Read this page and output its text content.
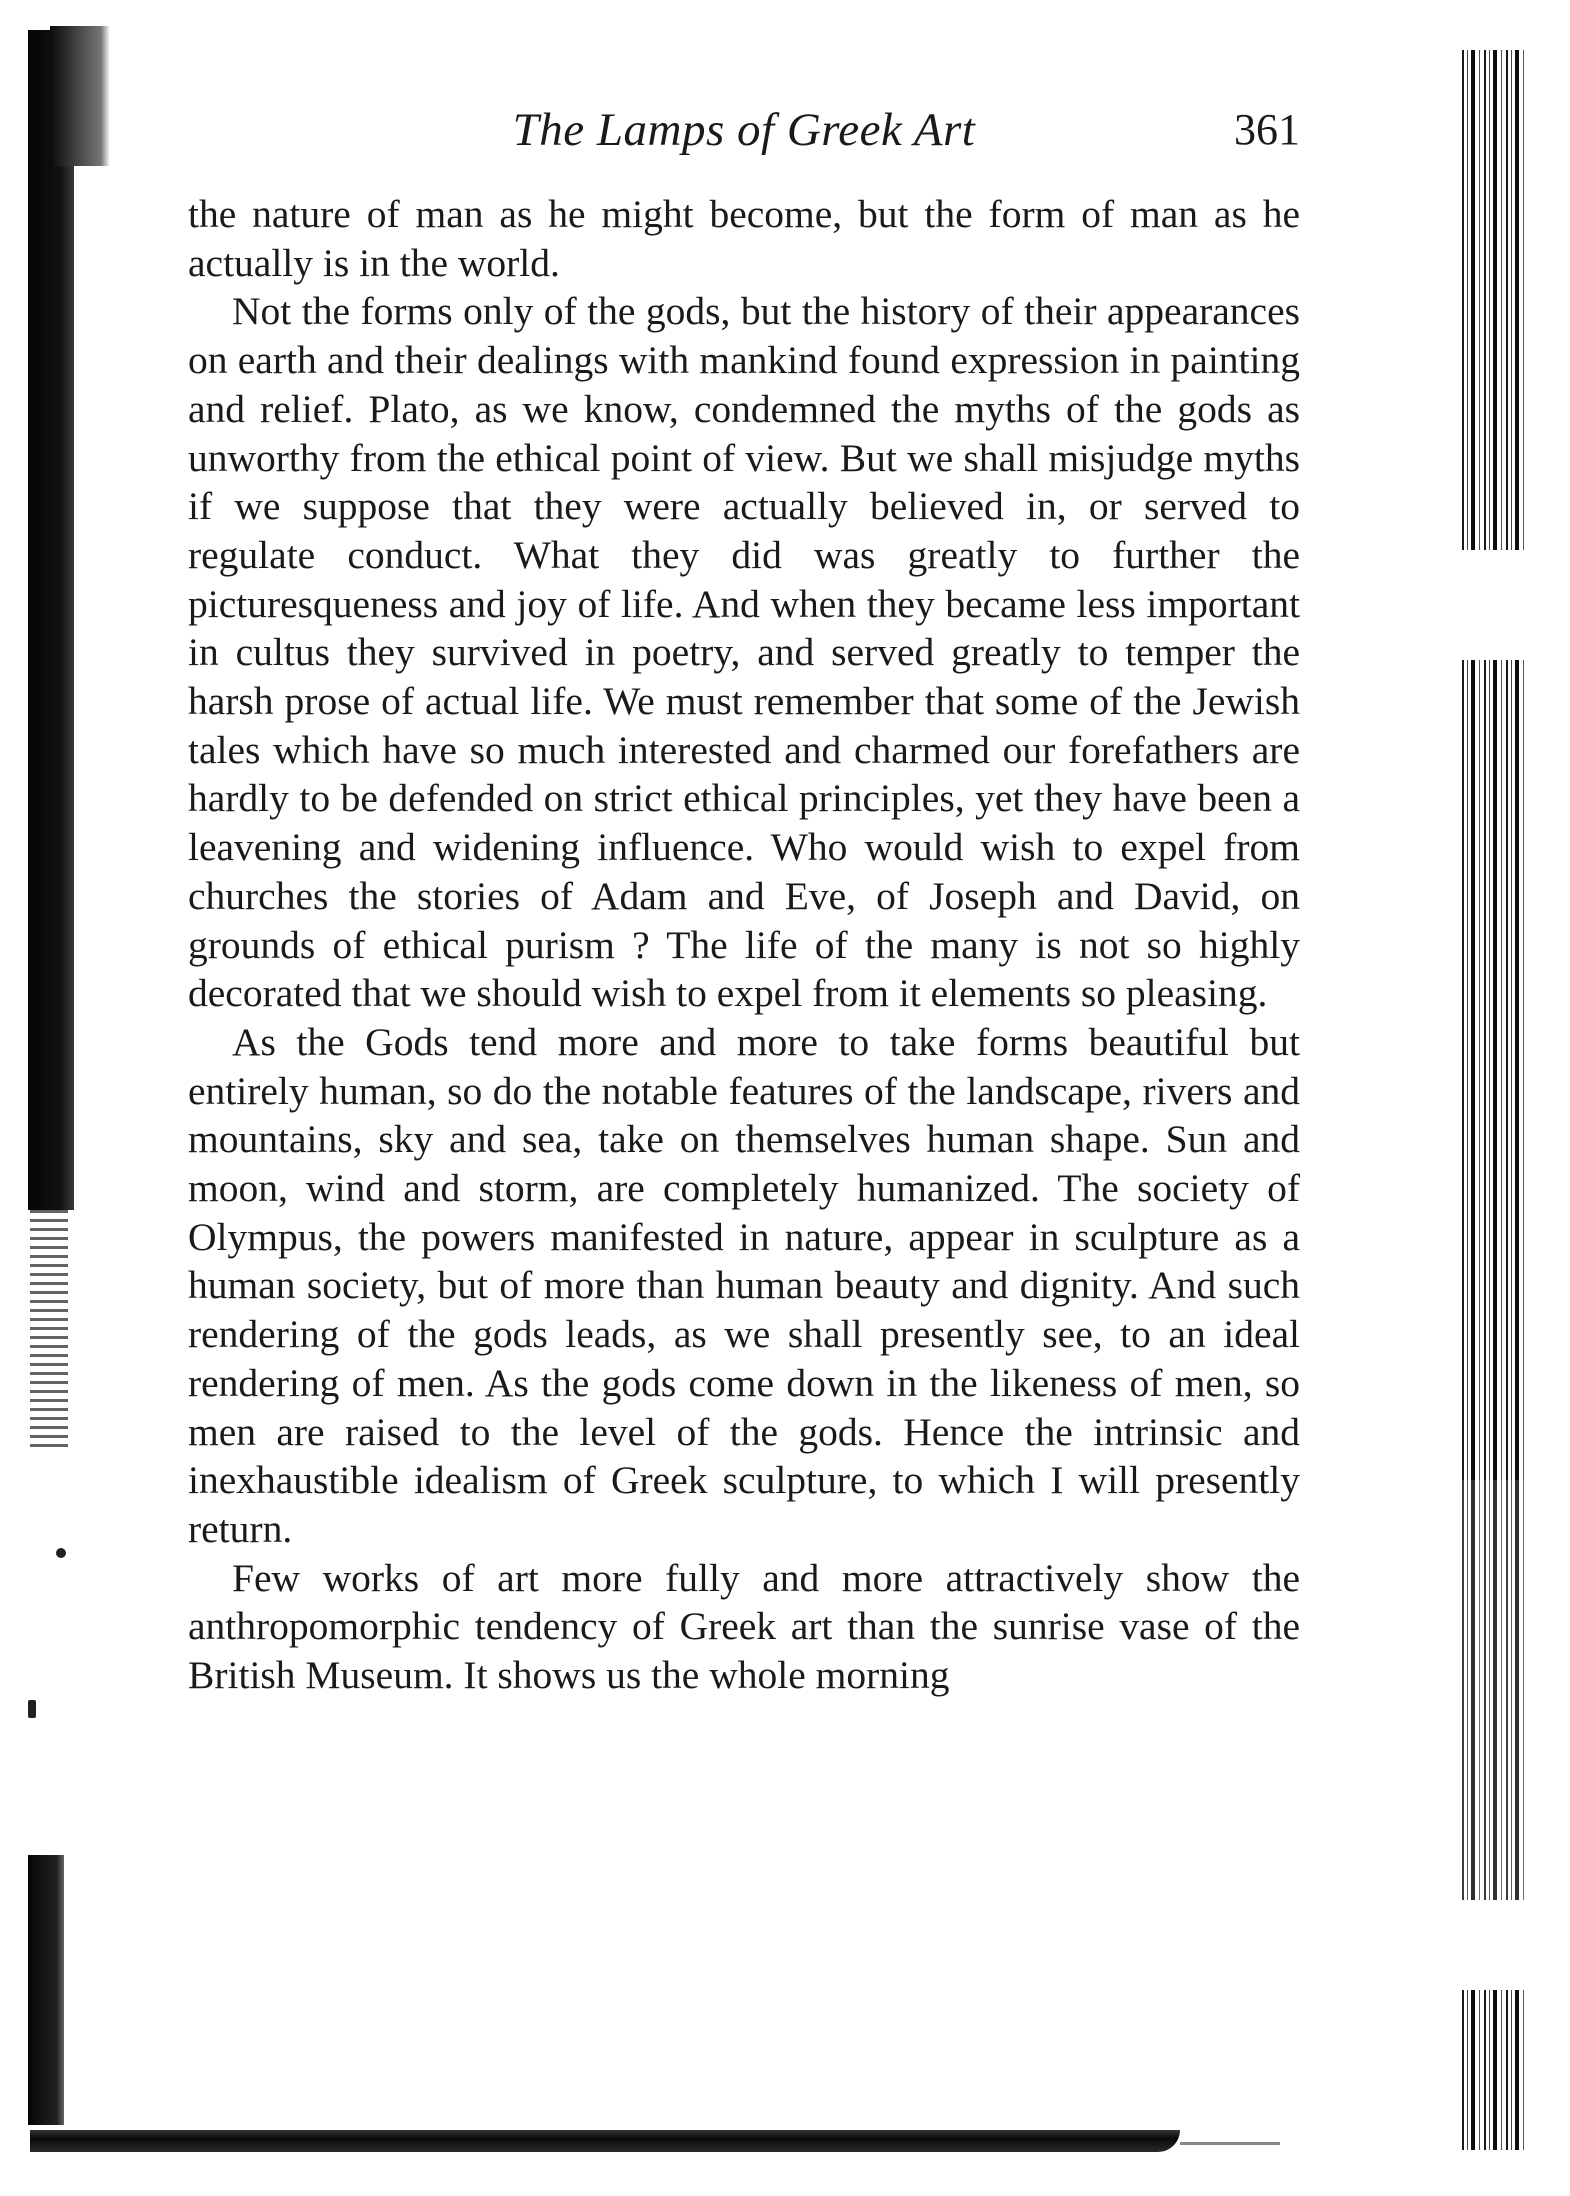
The Lamps of Greek Art	361

the nature of man as he might become, but the form of man as he actually is in the world.

Not the forms only of the gods, but the history of their appearances on earth and their dealings with mankind found expression in painting and relief. Plato, as we know, condemned the myths of the gods as unworthy from the ethical point of view. But we shall misjudge myths if we suppose that they were actually believed in, or served to regulate conduct. What they did was greatly to further the picturesqueness and joy of life. And when they became less important in cultus they survived in poetry, and served greatly to temper the harsh prose of actual life. We must remember that some of the Jewish tales which have so much interested and charmed our forefathers are hardly to be defended on strict ethical principles, yet they have been a leavening and widening influence. Who would wish to expel from churches the stories of Adam and Eve, of Joseph and David, on grounds of ethical purism ? The life of the many is not so highly decorated that we should wish to expel from it elements so pleasing.

As the Gods tend more and more to take forms beautiful but entirely human, so do the notable features of the landscape, rivers and mountains, sky and sea, take on themselves human shape. Sun and moon, wind and storm, are completely humanized. The society of Olympus, the powers manifested in nature, appear in sculpture as a human society, but of more than human beauty and dignity. And such rendering of the gods leads, as we shall presently see, to an ideal rendering of men. As the gods come down in the likeness of men, so men are raised to the level of the gods. Hence the intrinsic and inexhaustible idealism of Greek sculpture, to which I will presently return.

Few works of art more fully and more attractively show the anthropomorphic tendency of Greek art than the sunrise vase of the British Museum. It shows us the whole morning
